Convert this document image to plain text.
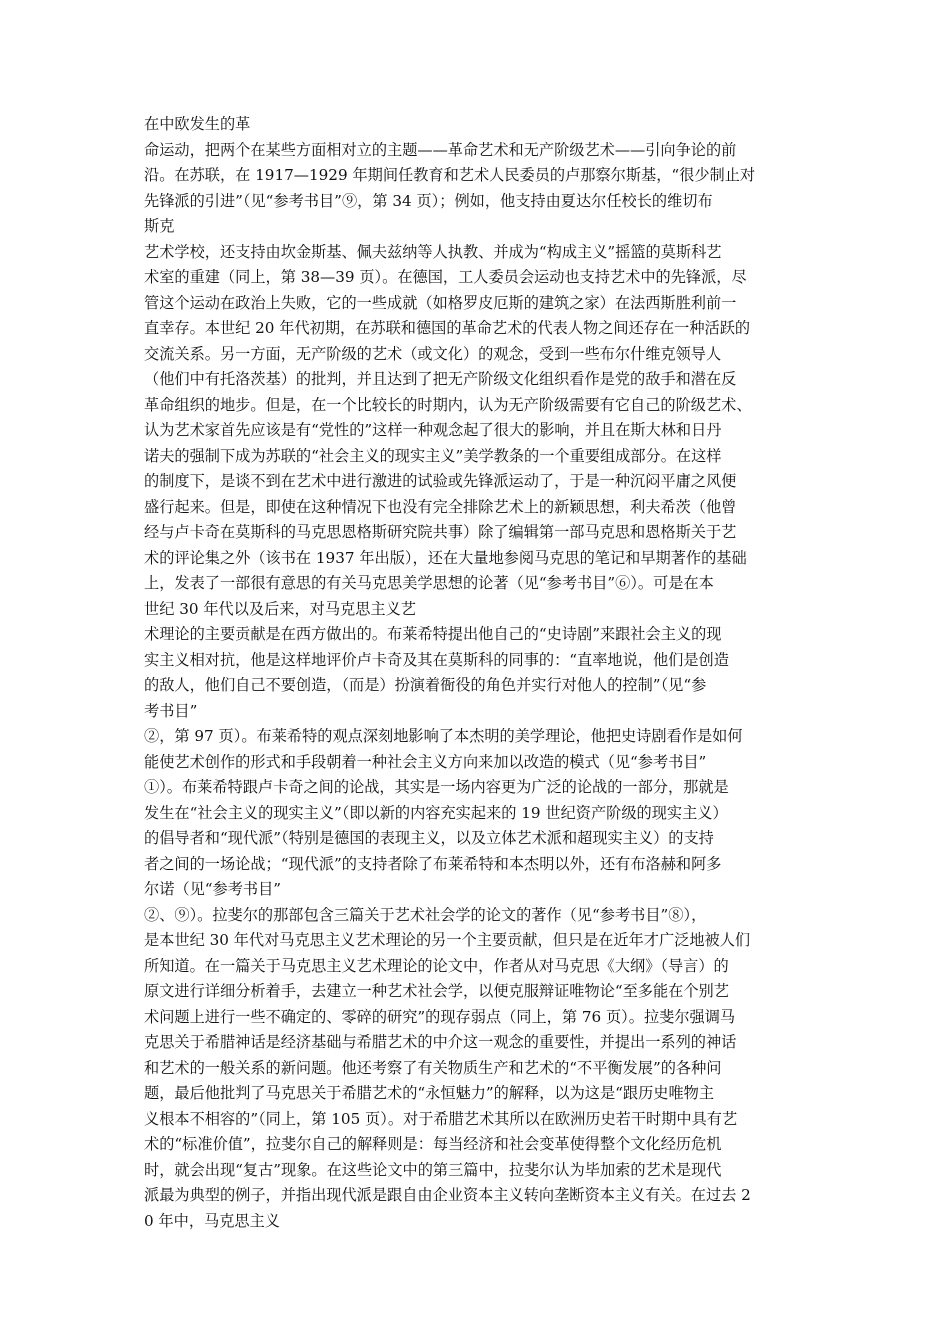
在中欧发生的革
命运动，把两个在某些方面相对立的主题——革命艺术和无产阶级艺术——引向争论的前
沿。在苏联，在 1917—1929 年期间任教育和艺术人民委员的卢那察尔斯基，“很少制止对
先锋派的引进”（见“参考书目”⑨，第 34 页）；例如，他支持由夏达尔任校长的维切布
斯克
艺术学校，还支持由坎金斯基、佩夫兹纳等人执教、并成为“构成主义”摇篮的莫斯科艺
术室的重建（同上，第 38—39 页）。在德国，工人委员会运动也支持艺术中的先锋派，尽
管这个运动在政治上失败，它的一些成就（如格罗皮厄斯的建筑之家）在法西斯胜利前一
直幸存。本世纪 20 年代初期，在苏联和德国的革命艺术的代表人物之间还存在一种活跃的
交流关系。另一方面，无产阶级的艺术（或文化）的观念，受到一些布尔什维克领导人
（他们中有托洛茨基）的批判，并且达到了把无产阶级文化组织看作是党的敌手和潜在反
革命组织的地步。但是，在一个比较长的时期内，认为无产阶级需要有它自己的阶级艺术、
认为艺术家首先应该是有“党性的”这样一种观念起了很大的影响，并且在斯大林和日丹
诺夫的强制下成为苏联的“社会主义的现实主义”美学教条的一个重要组成部分。在这样
的制度下，是谈不到在艺术中进行激进的试验或先锋派运动了，于是一种沉闷平庸之风便
盛行起来。但是，即使在这种情况下也没有完全排除艺术上的新颖思想，利夫希茨（他曾
经与卢卡奇在莫斯科的马克思恩格斯研究院共事）除了编辑第一部马克思和恩格斯关于艺
术的评论集之外（该书在 1937 年出版），还在大量地参阅马克思的笔记和早期著作的基础
上，发表了一部很有意思的有关马克思美学思想的论著（见“参考书目”⑥）。可是在本
世纪 30 年代以及后来，对马克思主义艺
术理论的主要贡献是在西方做出的。布莱希特提出他自己的“史诗剧”来跟社会主义的现
实主义相对抗，他是这样地评价卢卡奇及其在莫斯科的同事的：“直率地说，他们是创造
的敌人，他们自己不要创造，（而是）扮演着衙役的角色并实行对他人的控制”（见“参
考书目”
②，第 97 页）。布莱希特的观点深刻地影响了本杰明的美学理论，他把史诗剧看作是如何
能使艺术创作的形式和手段朝着一种社会主义方向来加以改造的模式（见“参考书目”
①）。布莱希特跟卢卡奇之间的论战，其实是一场内容更为广泛的论战的一部分，那就是
发生在“社会主义的现实主义”（即以新的内容充实起来的 19 世纪资产阶级的现实主义）
的倡导者和“现代派”（特别是德国的表现主义，以及立体艺术派和超现实主义）的支持
者之间的一场论战；“现代派”的支持者除了布莱希特和本杰明以外，还有布洛赫和阿多
尔诺（见“参考书目”
②、⑨）。拉斐尔的那部包含三篇关于艺术社会学的论文的著作（见“参考书目”⑧），
是本世纪 30 年代对马克思主义艺术理论的另一个主要贡献，但只是在近年才广泛地被人们
所知道。在一篇关于马克思主义艺术理论的论文中，作者从对马克思《大纲》（导言）的
原文进行详细分析着手，去建立一种艺术社会学，以便克服辩证唯物论“至多能在个别艺
术问题上进行一些不确定的、零碎的研究”的现存弱点（同上，第 76 页）。拉斐尔强调马
克思关于希腊神话是经济基础与希腊艺术的中介这一观念的重要性，并提出一系列的神话
和艺术的一般关系的新问题。他还考察了有关物质生产和艺术的“不平衡发展”的各种问
题，最后他批判了马克思关于希腊艺术的“永恒魅力”的解释，以为这是“跟历史唯物主
义根本不相容的”（同上，第 105 页）。对于希腊艺术其所以在欧洲历史若干时期中具有艺
术的“标准价值”，拉斐尔自己的解释则是：每当经济和社会变革使得整个文化经历危机
时，就会出现“复古”现象。在这些论文中的第三篇中，拉斐尔认为毕加索的艺术是现代
派最为典型的例子，并指出现代派是跟自由企业资本主义转向垄断资本主义有关。在过去 2
0 年中，马克思主义
